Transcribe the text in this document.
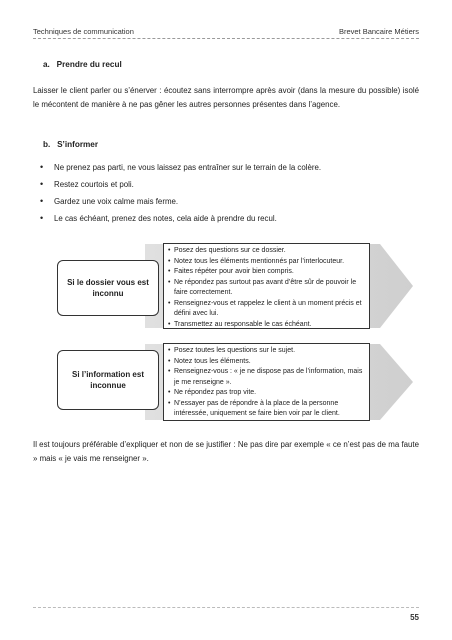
Techniques de communication	Brevet Bancaire Métiers
a.   Prendre du recul
Laisser le client parler ou s’énerver : écoutez sans interrompre après avoir (dans la mesure du possible) isolé le mécontent de manière à ne pas gêner les autres personnes présentes dans l’agence.
b.   S’informer
•	Ne prenez pas parti, ne vous laissez pas entraîner sur le terrain de la colère.
•	Restez courtois et poli.
•	Gardez une voix calme mais ferme.
•	Le cas échéant, prenez des notes, cela aide à prendre du recul.
Si le dossier vous est inconnu
• Posez des questions sur ce dossier.
• Notez tous les éléments mentionnés par l’interlocuteur.
• Faites répéter pour avoir bien compris.
• Ne répondez pas surtout pas avant d’être sûr de pouvoir le faire correctement.
• Renseignez-vous et rappelez le client à un moment précis et défini avec lui.
• Transmettez au responsable le cas échéant.
Si l’information est inconnue
• Posez toutes les questions sur le sujet.
• Notez tous les éléments.
• Renseignez-vous : « je ne dispose pas de l’information, mais je me renseigne ».
• Ne répondez pas trop vite.
• N’essayer pas de répondre à la place de la personne intéressée, uniquement se faire bien voir par le client.
Il est toujours préférable d’expliquer et non de se justifier : Ne pas dire par exemple « ce n’est pas de ma faute » mais « je vais me renseigner ».
55
